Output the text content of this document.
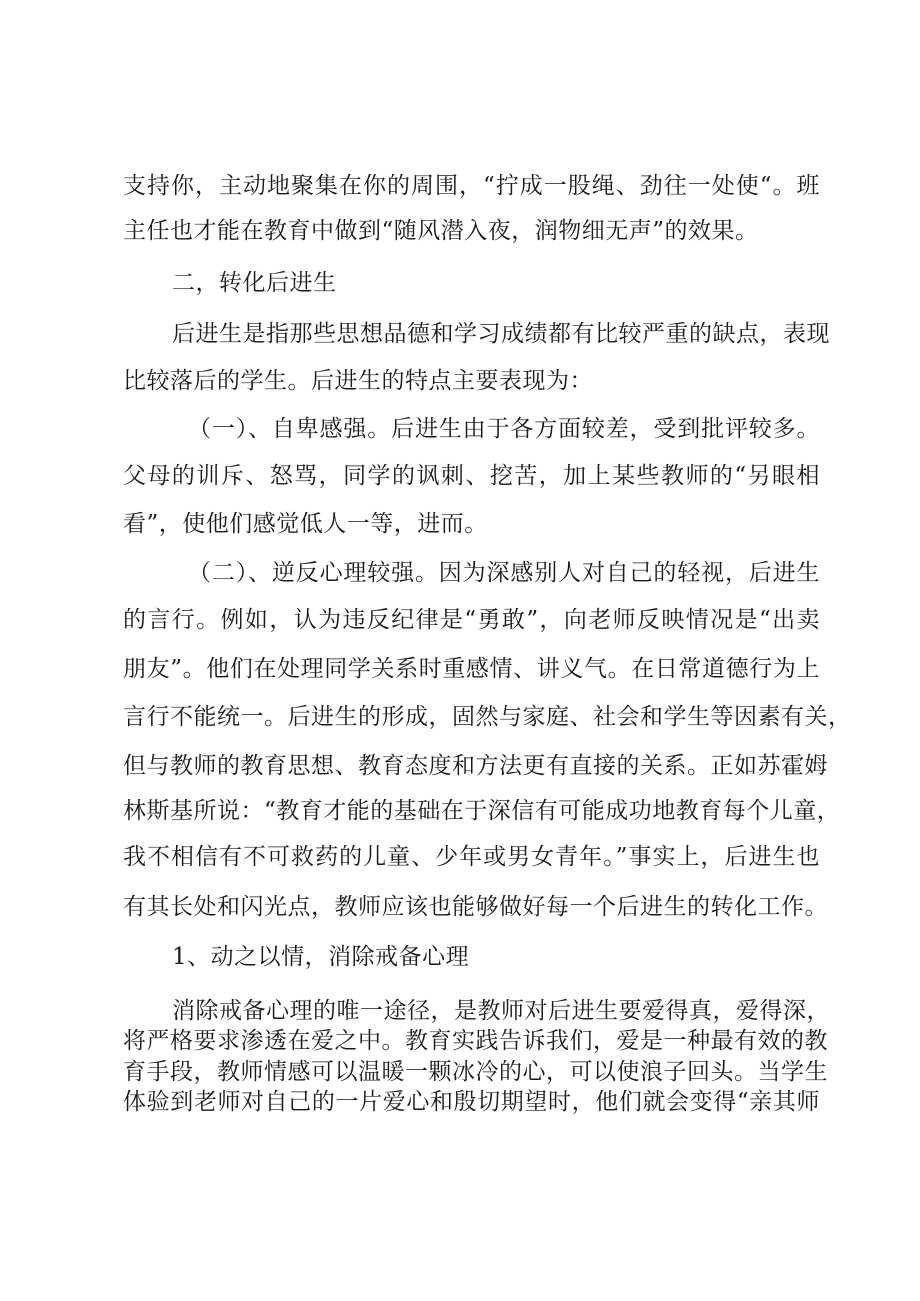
支持你，主动地聚集在你的周围，“拧成一股绳、劲往一处使“。班
主任也才能在教育中做到“随风潜入夜，润物细无声”的效果。
二，转化后进生
后进生是指那些思想品德和学习成绩都有比较严重的缺点，表现
比较落后的学生。后进生的特点主要表现为：
（一）、自卑感强。后进生由于各方面较差，受到批评较多。
父母的训斥、怒骂，同学的讽刺、挖苦，加上某些教师的“另眼相
看”，使他们感觉低人一等，进而。
（二）、逆反心理较强。因为深感别人对自己的轻视，后进生
的言行。例如，认为违反纪律是“勇敢”，向老师反映情况是“出卖
朋友”。他们在处理同学关系时重感情、讲义气。在日常道德行为上
言行不能统一。后进生的形成，固然与家庭、社会和学生等因素有关，
但与教师的教育思想、教育态度和方法更有直接的关系。正如苏霍姆
林斯基所说：“教育才能的基础在于深信有可能成功地教育每个儿童，
我不相信有不可救药的儿童、少年或男女青年。”事实上，后进生也
有其长处和闪光点，教师应该也能够做好每一个后进生的转化工作。
1、动之以情，消除戒备心理
消除戒备心理的唯一途径，是教师对后进生要爱得真，爱得深，
将严格要求渗透在爱之中。教育实践告诉我们，爱是一种最有效的教
育手段，教师情感可以温暖一颗冰冷的心，可以使浪子回头。当学生
体验到老师对自己的一片爱心和殷切期望时，他们就会变得“亲其师
